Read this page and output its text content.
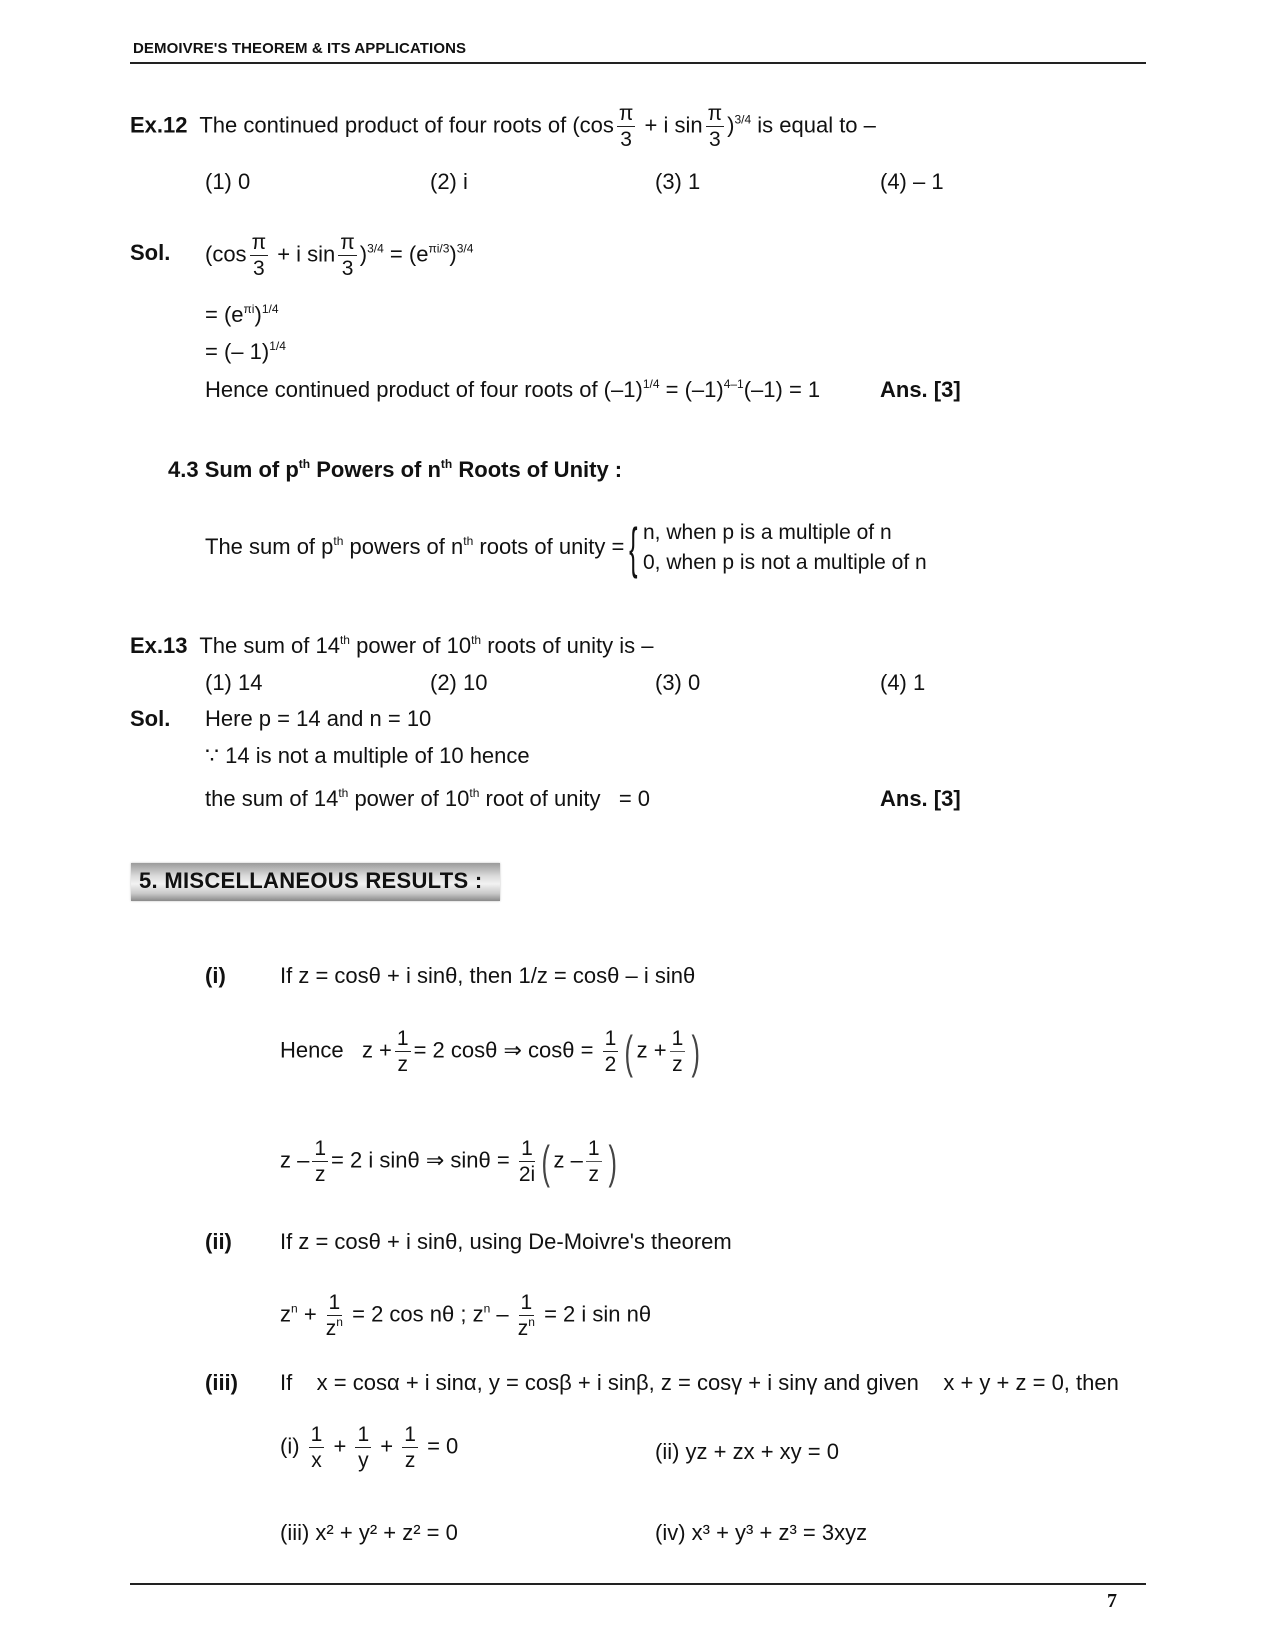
DEMOIVRE'S THEOREM & ITS APPLICATIONS
Ex.12 The continued product of four roots of ($\cos \frac{\pi}{3} + i$ $\sin \frac{\pi}{3} )^{3/4}$ is equal to –
(1) 0	(2) i	(3) 1	(4) – 1
Sol. ($\cos \frac{\pi}{3} + i$ $\sin \frac{\pi}{3} )^{3/4} = (e^{\pi i/3})^{3/4}$
= $(e^{\pi i})^{1/4}$
= (– 1)$^{1/4}$
Hence continued product of four roots of $(-1)^{1/4} = (-1)^{4-1}(-1) = 1$	Ans. [3]
4.3 Sum of $p^{th}$ Powers of $n^{th}$ Roots of Unity :
The sum of $p^{th}$ powers of $n^{th}$ roots of unity ={ n, when p is a multiple of n
0, when p is not a multiple of n
Ex.13 The sum of 14th power of 10th roots of unity is –
(1) 14	(2) 10	(3) 0	(4) 1
Sol. Here p = 14 and n = 10
∵ 14 is not a multiple of 10 hence
the sum of 14th power of 10th root of unity   = 0	Ans. [3]
5. MISCELLANEOUS RESULTS :
(i) If z = cosθ + i sinθ, then 1/z = cosθ – i sinθ
Hence $z + \frac{1}{z} = 2$ cosθ ⇒ $\cos\theta = \frac{1}{2}$ ( $z + \frac{1}{z}$ )
$z - \frac{1}{z} = 2$ i sinθ ⇒ $\sin\theta = \frac{1}{2i}$ ( z – $\frac{1}{z}$ )
(ii) If z = cosθ + i sinθ, using De-Moivre's theorem
$z^n + \frac{1}{z^n} = 2$ cos nθ ; $z^n - \frac{1}{z^n} = 2$ i sin nθ
(iii) If    x = cosα + i sinα, y = cosβ + i sinβ, z = cosγ + i sinγ and given    x + y + z = 0, then
$(i) \frac{1}{x} + \frac{1}{y} + \frac{1}{z} = 0$	(ii) yz + zx + xy = 0
(iii) x² + y² + z² = 0	(iv) x³ + y³ + z³ = 3xyz
7
